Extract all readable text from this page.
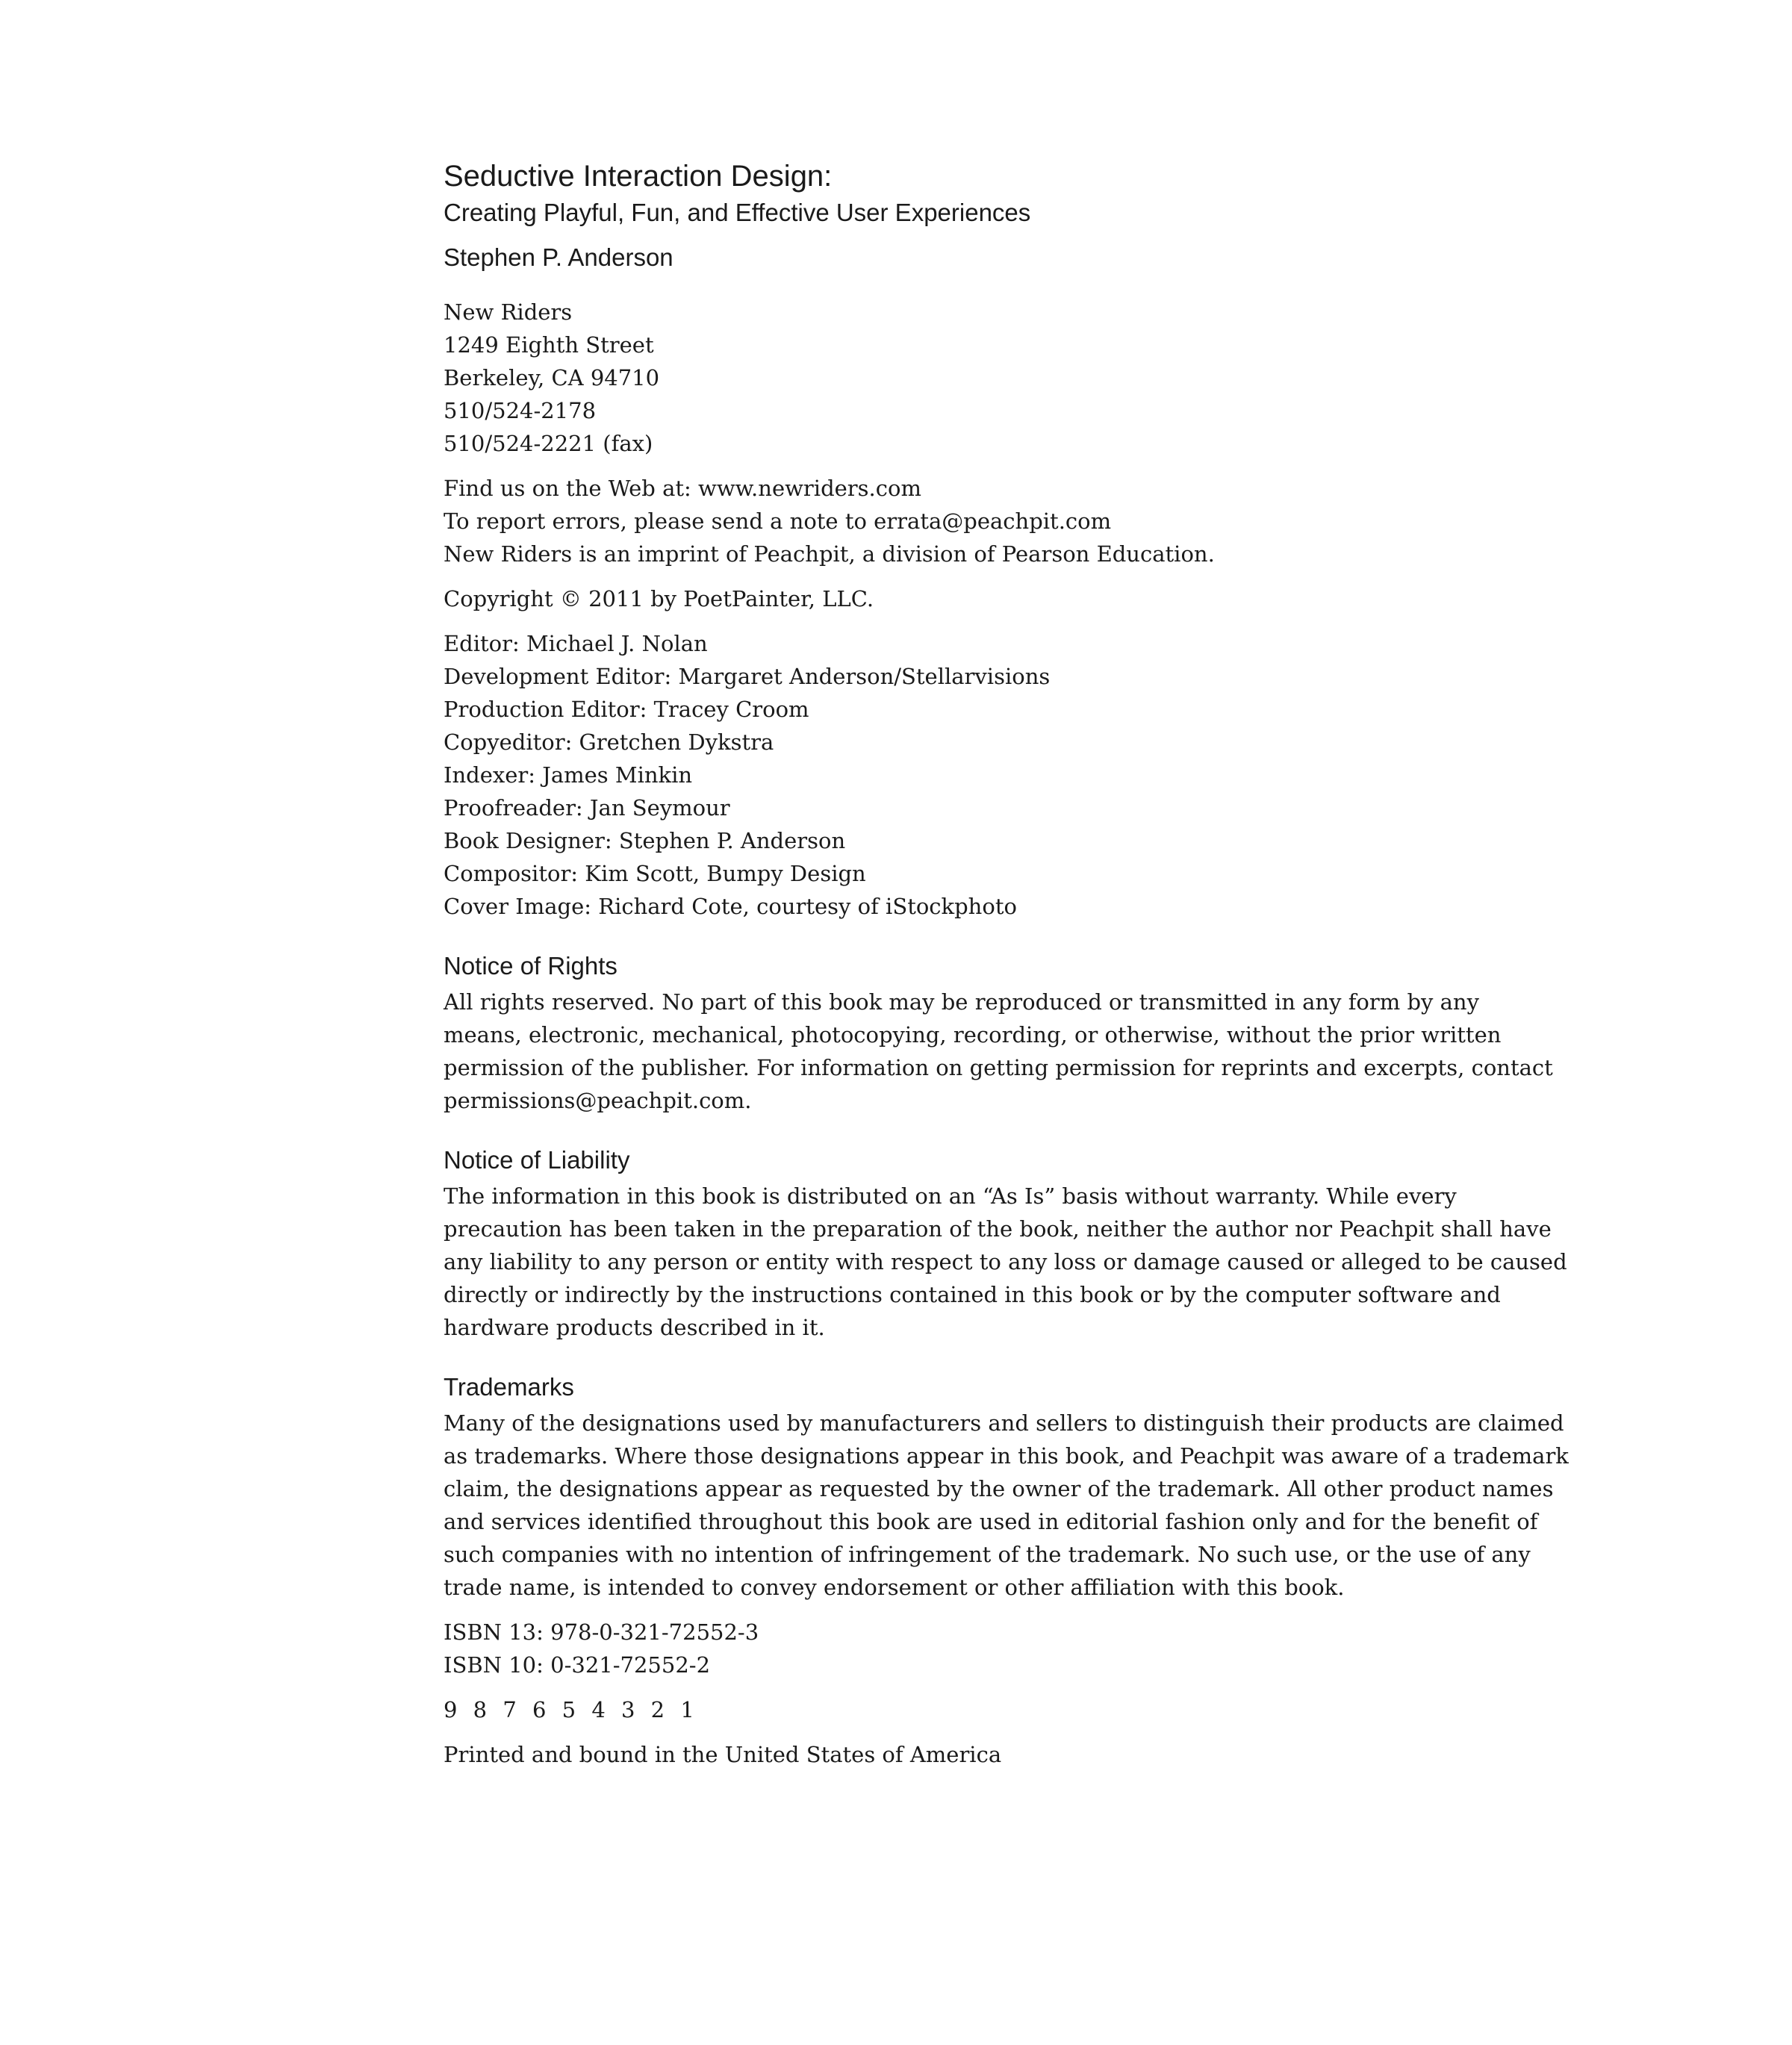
Seductive Interaction Design:
Creating Playful, Fun, and Effective User Experiences
Stephen P. Anderson
New Riders
1249 Eighth Street
Berkeley, CA 94710
510/524-2178
510/524-2221 (fax)
Find us on the Web at: www.newriders.com
To report errors, please send a note to errata@peachpit.com
New Riders is an imprint of Peachpit, a division of Pearson Education.
Copyright © 2011 by PoetPainter, LLC.
Editor: Michael J. Nolan
Development Editor: Margaret Anderson/Stellarvisions
Production Editor: Tracey Croom
Copyeditor: Gretchen Dykstra
Indexer: James Minkin
Proofreader: Jan Seymour
Book Designer: Stephen P. Anderson
Compositor: Kim Scott, Bumpy Design
Cover Image: Richard Cote, courtesy of iStockphoto
Notice of Rights
All rights reserved. No part of this book may be reproduced or transmitted in any form by any
means, electronic, mechanical, photocopying, recording, or otherwise, without the prior written
permission of the publisher. For information on getting permission for reprints and excerpts, contact
permissions@peachpit.com.
Notice of Liability
The information in this book is distributed on an “As Is” basis without warranty. While every
precaution has been taken in the preparation of the book, neither the author nor Peachpit shall have
any liability to any person or entity with respect to any loss or damage caused or alleged to be caused
directly or indirectly by the instructions contained in this book or by the computer software and
hardware products described in it.
Trademarks
Many of the designations used by manufacturers and sellers to distinguish their products are claimed
as trademarks. Where those designations appear in this book, and Peachpit was aware of a trademark
claim, the designations appear as requested by the owner of the trademark. All other product names
and services identified throughout this book are used in editorial fashion only and for the benefit of
such companies with no intention of infringement of the trademark. No such use, or the use of any
trade name, is intended to convey endorsement or other affiliation with this book.
ISBN 13: 978-0-321-72552-3
ISBN 10: 0-321-72552-2
9 8 7 6 5 4 3 2 1
Printed and bound in the United States of America
